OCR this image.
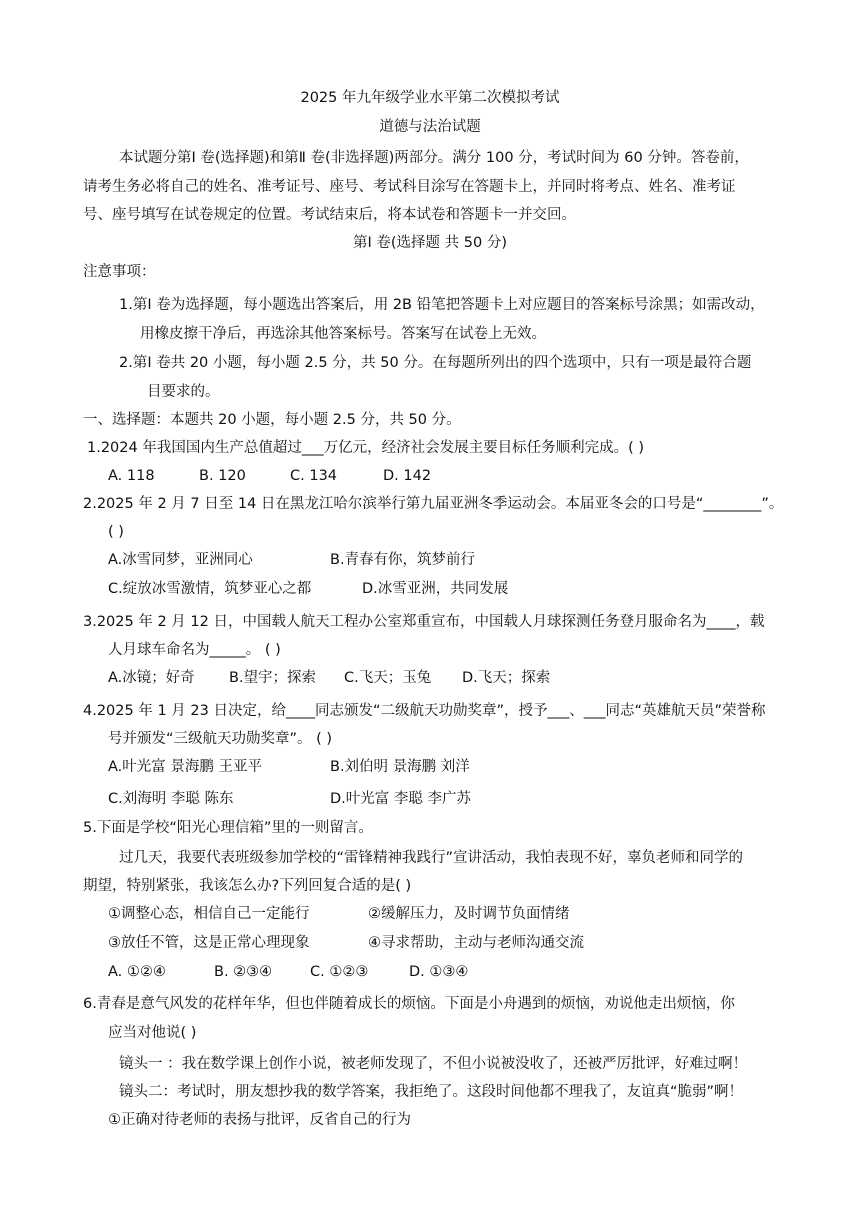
2025 年九年级学业水平第二次模拟考试
道德与法治试题
本试题分第Ⅰ 卷(选择题)和第Ⅱ 卷(非选择题)两部分。满分 100 分，考试时间为 60 分钟。答卷前，
请考生务必将自己的姓名、准考证号、座号、考试科目涂写在答题卡上，并同时将考点、姓名、准考证
号、座号填写在试卷规定的位置。考试结束后，将本试卷和答题卡一并交回。
第Ⅰ 卷(选择题 共 50 分)
注意事项：
1.第Ⅰ 卷为选择题，每小题选出答案后，用 2B 铅笔把答题卡上对应题目的答案标号涂黑；如需改动，
用橡皮擦干净后，再选涂其他答案标号。答案写在试卷上无效。
2.第Ⅰ 卷共 20 小题，每小题 2.5 分，共 50 分。在每题所列出的四个选项中，只有一项是最符合题
目要求的。
一、选择题：本题共 20 小题，每小题 2.5 分，共 50 分。
1.2024 年我国国内生产总值超过___万亿元，经济社会发展主要目标任务顺利完成。( )
A. 118	B. 120	C. 134	D. 142
2.2025 年 2 月 7 日至 14 日在黑龙江哈尔滨举行第九届亚洲冬季运动会。本届亚冬会的口号是“________”。
( )
A.冰雪同梦，亚洲同心	B.青春有你，筑梦前行
C.绽放冰雪激情，筑梦亚心之都	D.冰雪亚洲，共同发展
3.2025 年 2 月 12 日，中国载人航天工程办公室郑重宣布，中国载人月球探测任务登月服命名为____，载
人月球车命名为_____。 ( )
A.冰镜；好奇 B.望宇；探索 C.飞天；玉兔 D.飞天；探索
4.2025 年 1 月 23 日决定，给____同志颁发“二级航天功勋奖章”，授予___、___同志“英雄航天员”荣誉称
号并颁发“三级航天功勋奖章”。 ( )
A.叶光富 景海鹏 王亚平	B.刘伯明 景海鹏 刘洋
C.刘海明 李聪 陈东	D.叶光富 李聪 李广苏
5.下面是学校“阳光心理信箱”里的一则留言。
过几天，我要代表班级参加学校的“雷锋精神我践行”宣讲活动，我怕表现不好，辜负老师和同学的
期望，特别紧张，我该怎么办?下列回复合适的是( )
①调整心态，相信自己一定能行	②缓解压力，及时调节负面情绪
③放任不管，这是正常心理现象	④寻求帮助，主动与老师沟通交流
A. ①②④	B. ②③④	C. ①②③	D. ①③④
6.青春是意气风发的花样年华，但也伴随着成长的烦恼。下面是小舟遇到的烦恼，劝说他走出烦恼，你
应当对他说( )
镜头一 ：我在数学课上创作小说，被老师发现了，不但小说被没收了，还被严厉批评，好难过啊！
镜头二：考试时，朋友想抄我的数学答案，我拒绝了。这段时间他都不理我了，友谊真“脆弱”啊！
①正确对待老师的表扬与批评，反省自己的行为
